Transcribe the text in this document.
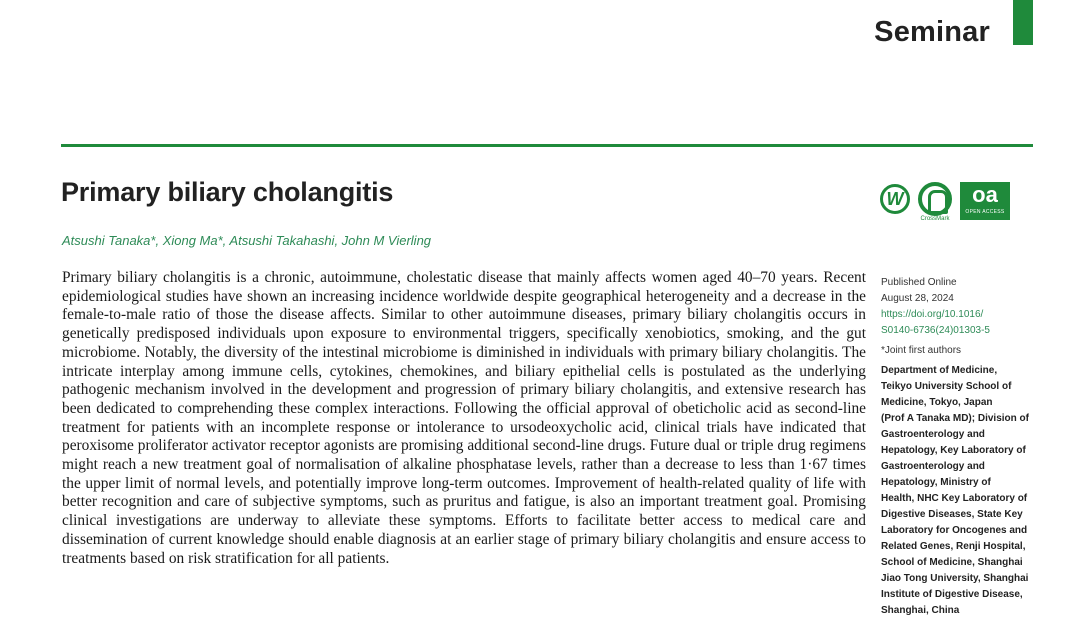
Seminar
Primary biliary cholangitis
Atsushi Tanaka*, Xiong Ma*, Atsushi Takahashi, John M Vierling
W
CrossMark
oa
OPEN ACCESS

Primary biliary cholangitis is a chronic, autoimmune, cholestatic disease that mainly affects women aged 40–70 years. Recent epidemiological studies have shown an increasing incidence worldwide despite geographical heterogeneity and a decrease in the female-to-male ratio of those the disease affects. Similar to other autoimmune diseases, primary biliary cholangitis occurs in genetically predisposed individuals upon exposure to environmental triggers, specifically xenobiotics, smoking, and the gut microbiome. Notably, the diversity of the intestinal microbiome is diminished in individuals with primary biliary cholangitis. The intricate interplay among immune cells, cytokines, chemokines, and biliary epithelial cells is postulated as the underlying pathogenic mechanism involved in the development and progression of primary biliary cholangitis, and extensive research has been dedicated to comprehending these complex interactions. Following the official approval of obeticholic acid as second-line treatment for patients with an incomplete response or intolerance to ursodeoxycholic acid, clinical trials have indicated that peroxisome proliferator activator receptor agonists are promising additional second-line drugs. Future dual or triple drug regimens might reach a new treatment goal of normalisation of alkaline phosphatase levels, rather than a decrease to less than 1·67 times the upper limit of normal levels, and potentially improve long-term outcomes. Improvement of health-related quality of life with better recognition and care of subjective symptoms, such as pruritus and fatigue, is also an important treatment goal. Promising clinical investigations are underway to alleviate these symptoms. Efforts to facilitate better access to medical care and dissemination of current knowledge should enable diagnosis at an earlier stage of primary biliary cholangitis and ensure access to treatments based on risk stratification for all patients.

Published Online
August 28, 2024
https://doi.org/10.1016/
S0140-6736(24)01303-5
*Joint first authors
Department of Medicine,
Teikyo University School of
Medicine, Tokyo, Japan
(Prof A Tanaka MD); Division of
Gastroenterology and
Hepatology, Key Laboratory of
Gastroenterology and
Hepatology, Ministry of
Health, NHC Key Laboratory of
Digestive Diseases, State Key
Laboratory for Oncogenes and
Related Genes, Renji Hospital,
School of Medicine, Shanghai
Jiao Tong University, Shanghai
Institute of Digestive Disease,
Shanghai, China
